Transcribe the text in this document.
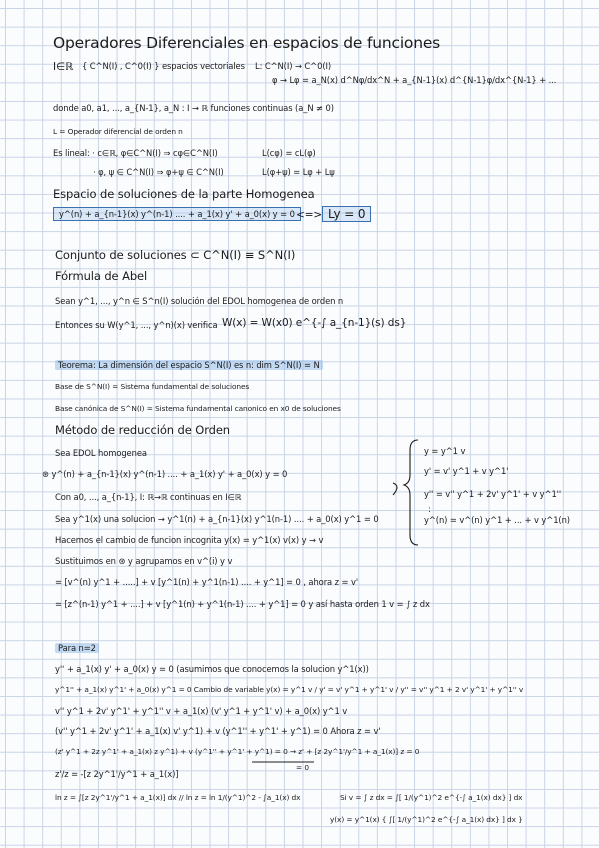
Operadores Diferenciales en espacios de funciones
I∈ℝ { C^N(I) , C^0(I) } espacios vectoriales L: C^N(I) → C^0(I)
φ → Lφ = a_N(x) d^Nφ/dx^N + a_{N-1}(x) d^{N-1}φ/dx^{N-1} + ...
donde a0, a1, ..., a_{N-1}, a_N : I → ℝ funciones continuas (a_N ≠ 0)
L = Operador diferencial de orden n
Es lineal: · c∈ℝ, φ∈C^N(I) ⇒ cφ∈C^N(I)	L(cφ) = cL(φ)
· φ, ψ ∈ C^N(I) ⇒ φ+ψ ∈ C^N(I)	L(φ+ψ) = Lφ + Lψ
Espacio de soluciones de la parte Homogenea
y^(n) + a_{n-1}(x) y^(n-1) .... + a_1(x) y' + a_0(x) y = 0 <=> Ly = 0
Conjunto de soluciones ⊂ C^N(I) ≡ S^N(I)
Fórmula de Abel
Sean y^1, ..., y^n ∈ S^n(I) solución del EDOL homogenea de orden n
Entonces su W(y^1, ..., y^n)(x) verifica W(x) = W(x0) e^{-∫ a_{n-1}(s) ds}
Teorema: La dimensión del espacio S^N(I) es n: dim S^N(I) = N
Base de S^N(I) = Sistema fundamental de soluciones
Base canónica de S^N(I) = Sistema fundamental canonico en x0 de soluciones
Método de reducción de Orden
Sea EDOL homogenea
⊛ y^(n) + a_{n-1}(x) y^(n-1) .... + a_1(x) y' + a_0(x) y = 0
Con a0, ..., a_{n-1}, I: ℝ→ℝ continuas en I∈ℝ
Sea y^1(x) una solucion → y^1(n) + a_{n-1}(x) y^1(n-1) .... + a_0(x) y^1 = 0
Hacemos el cambio de funcion incognita y(x) = y^1(x) v(x) y → v
Sustituimos en ⊛ y agrupamos en v^(i) y v
= [v^(n) y^1 + .....] + v [y^1(n) + y^1(n-1) .... + y^1] = 0 , ahora z = v'
= [z^(n-1) y^1 + ....] + v [y^1(n) + y^1(n-1) .... + y^1] = 0 y así hasta orden 1 v = ∫ z dx
y = y^1 v
y' = v' y^1 + v y^1'
y'' = v'' y^1 + 2v' y^1' + v y^1''
:
y^(n) = v^(n) y^1 + ... + v y^1(n)
Para n=2
y'' + a_1(x) y' + a_0(x) y = 0 (asumimos que conocemos la solucion y^1(x))
y^1'' + a_1(x) y^1' + a_0(x) y^1 = 0 Cambio de variable y(x) = y^1 v / y' = v' y^1 + y^1' v / y'' = v'' y^1 + 2 v' y^1' + y^1'' v
v'' y^1 + 2v' y^1' + y^1'' v + a_1(x) (v' y^1 + y^1' v) + a_0(x) y^1 v
(v'' y^1 + 2v' y^1' + a_1(x) v' y^1) + v (y^1'' + y^1' + y^1) = 0 Ahora z = v'
(z' y^1 + 2z y^1' + a_1(x) z y^1) + v (y^1'' + y^1' + y^1) = 0 → z' + [z 2y^1'/y^1 + a_1(x)] z = 0
= 0
z'/z = -[z 2y^1'/y^1 + a_1(x)]
ln z = ∫[z 2y^1'/y^1 + a_1(x)] dx // ln z = ln 1/(y^1)^2 - ∫a_1(x) dx	Si v = ∫ z dx = ∫[ 1/(y^1)^2 e^{-∫ a_1(x) dx} ] dx
y(x) = y^1(x) { ∫[ 1/(y^1)^2 e^{-∫ a_1(x) dx} ] dx }
